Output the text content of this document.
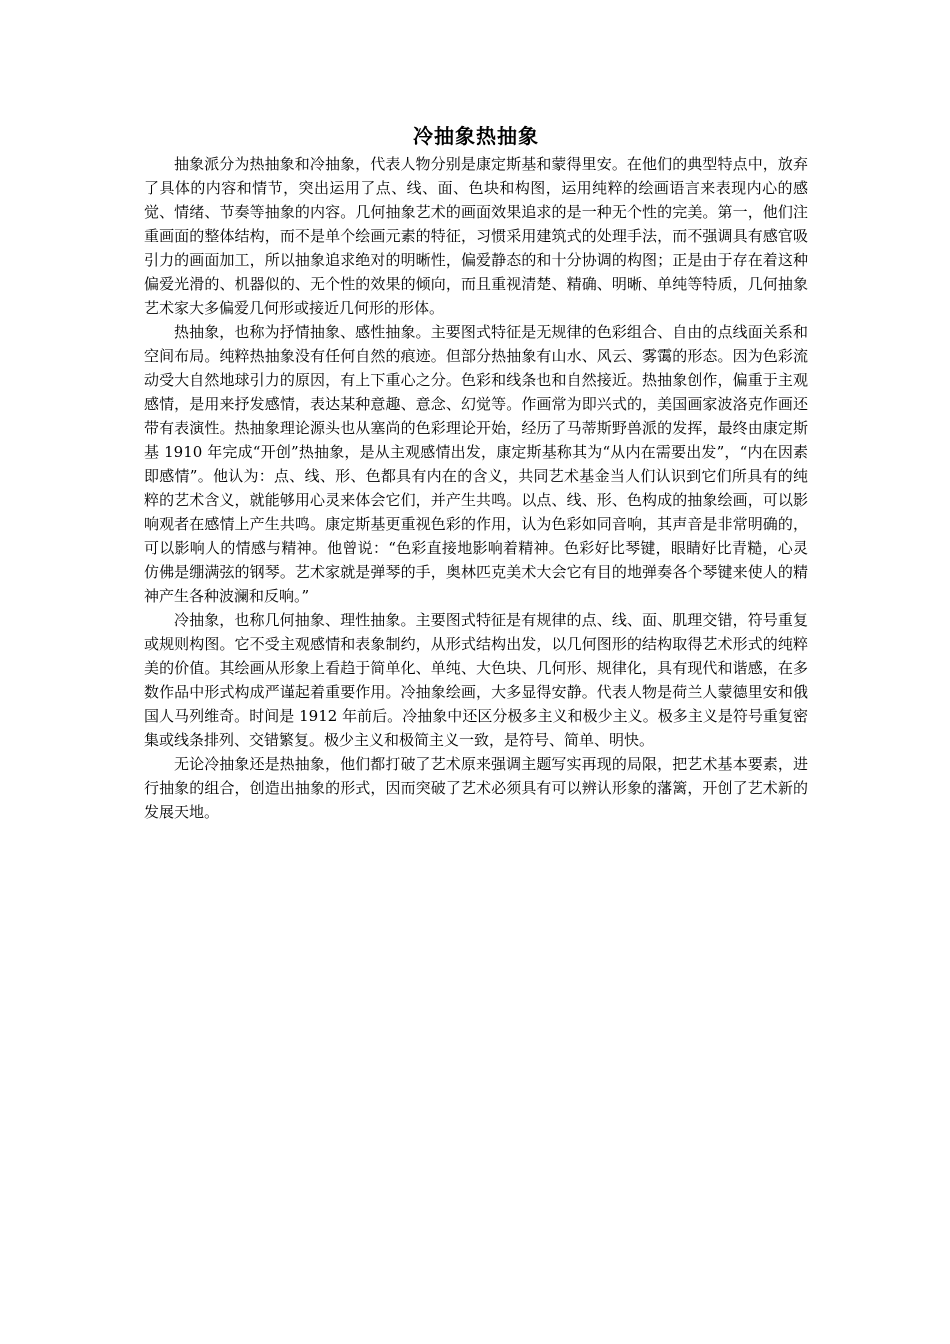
冷抽象热抽象

抽象派分为热抽象和冷抽象，代表人物分别是康定斯基和蒙得里安。在他们的典型特点中，放弃了具体的内容和情节，突出运用了点、线、面、色块和构图，运用纯粹的绘画语言来表现内心的感觉、情绪、节奏等抽象的内容。几何抽象艺术的画面效果追求的是一种无个性的完美。第一，他们注重画面的整体结构，而不是单个绘画元素的特征，习惯采用建筑式的处理手法，而不强调具有感官吸引力的画面加工，所以抽象追求绝对的明晰性，偏爱静态的和十分协调的构图；正是由于存在着这种偏爱光滑的、机器似的、无个性的效果的倾向，而且重视清楚、精确、明晰、单纯等特质，几何抽象艺术家大多偏爱几何形或接近几何形的形体。

热抽象，也称为抒情抽象、感性抽象。主要图式特征是无规律的色彩组合、自由的点线面关系和空间布局。纯粹热抽象没有任何自然的痕迹。但部分热抽象有山水、风云、雾霭的形态。因为色彩流动受大自然地球引力的原因，有上下重心之分。色彩和线条也和自然接近。热抽象创作，偏重于主观感情，是用来抒发感情，表达某种意趣、意念、幻觉等。作画常为即兴式的，美国画家波洛克作画还带有表演性。热抽象理论源头也从塞尚的色彩理论开始，经历了马蒂斯野兽派的发挥，最终由康定斯基 1910 年完成“开创”热抽象，是从主观感情出发，康定斯基称其为“从内在需要出发”，“内在因素即感情”。他认为：点、线、形、色都具有内在的含义，共同艺术基金当人们认识到它们所具有的纯粹的艺术含义，就能够用心灵来体会它们，并产生共鸣。以点、线、形、色构成的抽象绘画，可以影响观者在感情上产生共鸣。康定斯基更重视色彩的作用，认为色彩如同音响，其声音是非常明确的，可以影响人的情感与精神。他曾说：“色彩直接地影响着精神。色彩好比琴键，眼睛好比青糙，心灵仿佛是绷满弦的钢琴。艺术家就是弹琴的手，奥林匹克美术大会它有目的地弹奏各个琴键来使人的精神产生各种波澜和反响。”

冷抽象，也称几何抽象、理性抽象。主要图式特征是有规律的点、线、面、肌理交错，符号重复或规则构图。它不受主观感情和表象制约，从形式结构出发，以几何图形的结构取得艺术形式的纯粹美的价值。其绘画从形象上看趋于简单化、单纯、大色块、几何形、规律化，具有现代和谐感，在多数作品中形式构成严谨起着重要作用。冷抽象绘画，大多显得安静。代表人物是荷兰人蒙德里安和俄国人马列维奇。时间是 1912 年前后。冷抽象中还区分极多主义和极少主义。极多主义是符号重复密集或线条排列、交错繁复。极少主义和极简主义一致，是符号、简单、明快。

无论冷抽象还是热抽象，他们都打破了艺术原来强调主题写实再现的局限，把艺术基本要素，进行抽象的组合，创造出抽象的形式，因而突破了艺术必须具有可以辨认形象的藩篱，开创了艺术新的发展天地。
